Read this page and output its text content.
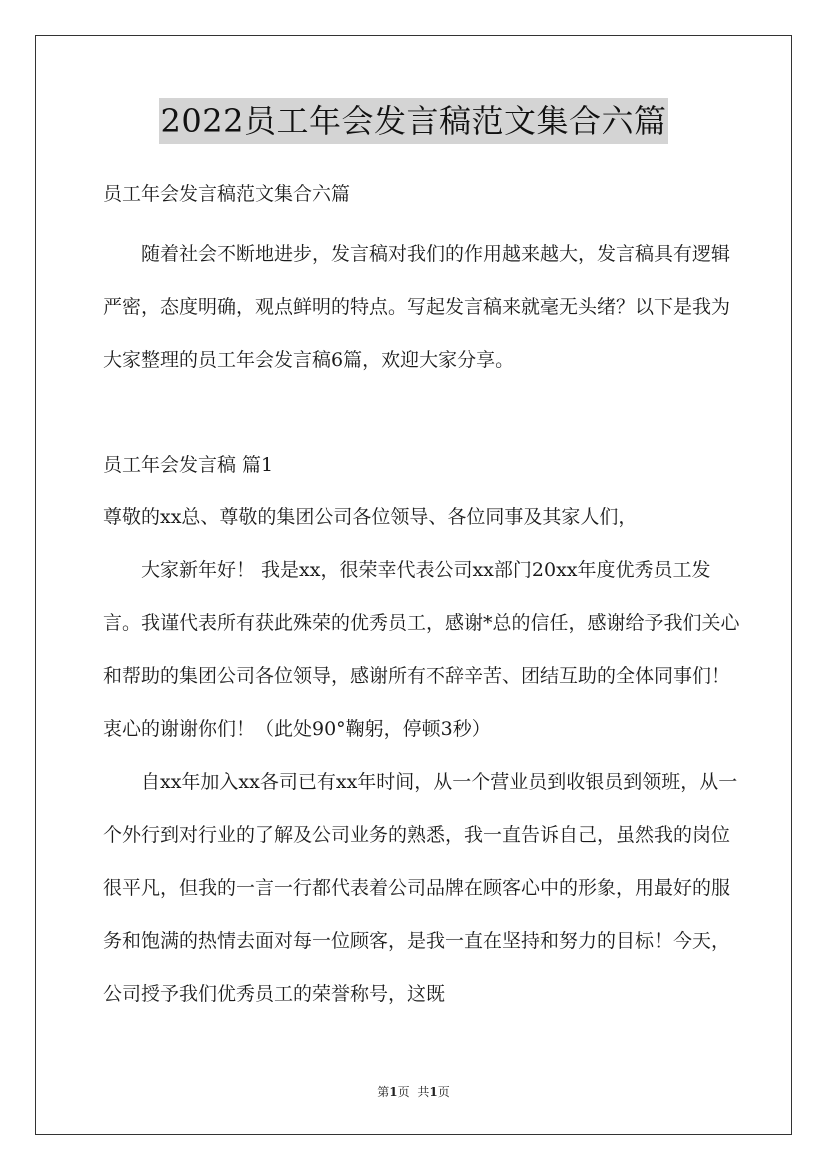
2022员工年会发言稿范文集合六篇

员工年会发言稿范文集合六篇

随着社会不断地进步，发言稿对我们的作用越来越大，发言稿具有逻辑严密，态度明确，观点鲜明的特点。写起发言稿来就毫无头绪？以下是我为大家整理的员工年会发言稿6篇，欢迎大家分享。

员工年会发言稿 篇1

尊敬的xx总、尊敬的集团公司各位领导、各位同事及其家人们，

大家新年好！ 我是xx，很荣幸代表公司xx部门20xx年度优秀员工发言。我谨代表所有获此殊荣的优秀员工，感谢*总的信任，感谢给予我们关心和帮助的集团公司各位领导，感谢所有不辞辛苦、团结互助的全体同事们！衷心的谢谢你们！（此处90°鞠躬，停顿3秒）

自xx年加入xx各司已有xx年时间，从一个营业员到收银员到领班，从一个外行到对行业的了解及公司业务的熟悉，我一直告诉自己，虽然我的岗位很平凡，但我的一言一行都代表着公司品牌在顾客心中的形象，用最好的服务和饱满的热情去面对每一位顾客，是我一直在坚持和努力的目标！今天，公司授予我们优秀员工的荣誉称号，这既

第1页 共1页
